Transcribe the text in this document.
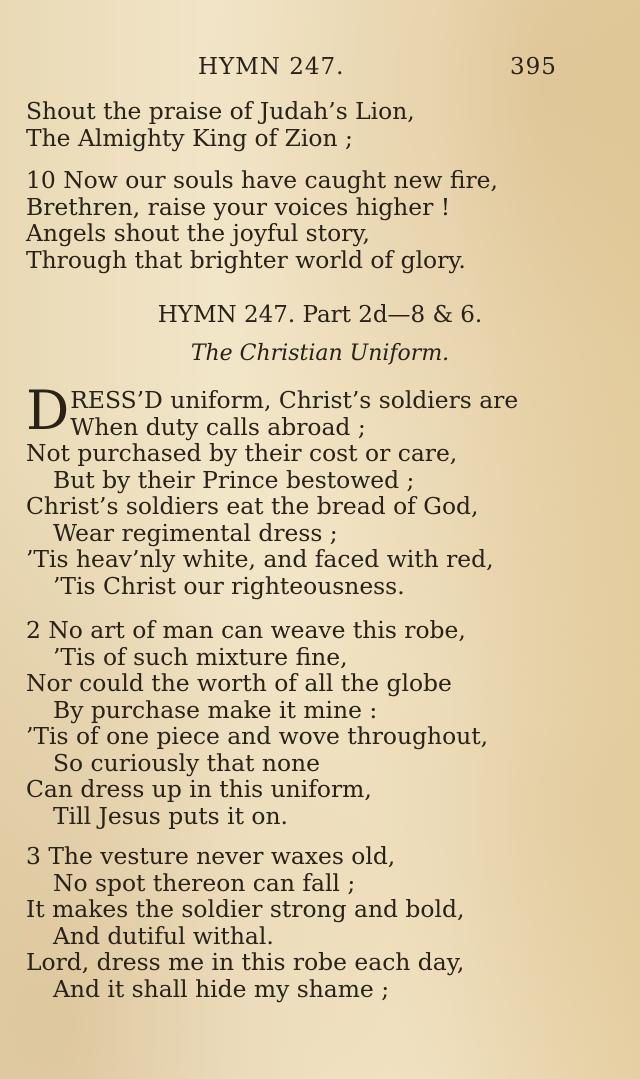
HYMN 247.	395
Shout the praise of Judah’s Lion,
The Almighty King of Zion ;
10 Now our souls have caught new fire,
Brethren, raise your voices higher !
Angels shout the joyful story,
Through that brighter world of glory.
HYMN 247. Part 2d—8 & 6.
The Christian Uniform.
D RESS’D uniform, Christ’s soldiers are
When duty calls abroad ;
Not purchased by their cost or care,
But by their Prince bestowed ;
Christ’s soldiers eat the bread of God,
Wear regimental dress ;
’Tis heav’nly white, and faced with red,
’Tis Christ our righteousness.
2 No art of man can weave this robe,
’Tis of such mixture fine,
Nor could the worth of all the globe
By purchase make it mine :
’Tis of one piece and wove throughout,
So curiously that none
Can dress up in this uniform,
Till Jesus puts it on.
3 The vesture never waxes old,
No spot thereon can fall ;
It makes the soldier strong and bold,
And dutiful withal.
Lord, dress me in this robe each day,
And it shall hide my shame ;
